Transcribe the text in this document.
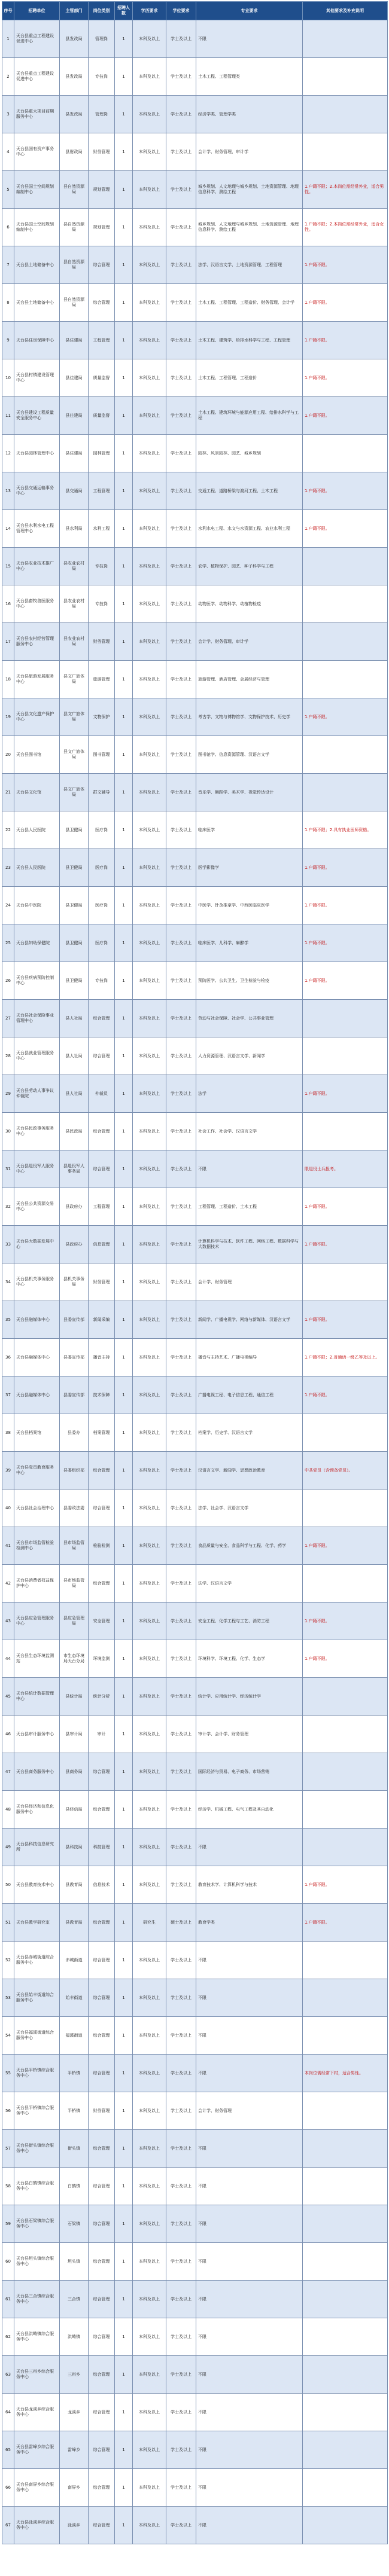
序号	招聘单位	主管部门	岗位类别	招聘人数	学历要求	学位要求	专业要求	其他要求及补充说明
1	天台县重点工程建设促进中心	县发改局	管理岗	1	本科及以上	学士及以上	不限	
2	天台县重点工程建设促进中心	县发改局	专技岗	1	本科及以上	学士及以上	土木工程、工程管理类	
3	天台县重大项目前期服务中心	县发改局	管理岗	1	本科及以上	学士及以上	经济学类、管理学类	
4	天台县国有资产事务中心	县财政局	财务管理	1	本科及以上	学士及以上	会计学、财务管理、审计学	
5	天台县国土空间规划编制中心	县自然资源局	规划管理	1	本科及以上	学士及以上	城乡规划、人文地理与城乡规划、土地资源管理、地理信息科学、测绘工程	1.户籍不限；2.本岗位需经常外业，适合男性。
6	天台县国土空间规划编制中心	县自然资源局	规划管理	1	本科及以上	学士及以上	城乡规划、人文地理与城乡规划、土地资源管理、地理信息科学、测绘工程	1.户籍不限；2.本岗位需经常外业，适合女性。
7	天台县土地储备中心	县自然资源局	综合管理	1	本科及以上	学士及以上	法学、汉语言文学、土地资源管理、工程管理	1.户籍不限。
8	天台县土地储备中心	县自然资源局	综合管理	1	本科及以上	学士及以上	土木工程、工程管理、工程造价、财务管理、会计学	1.户籍不限。
9	天台县住房保障中心	县住建局	工程管理	1	本科及以上	学士及以上	土木工程、建筑学、给排水科学与工程、工程管理	1.户籍不限。
10	天台县村镇建设管理中心	县住建局	质量监督	1	本科及以上	学士及以上	土木工程、工程管理、工程造价	1.户籍不限。
11	天台县建设工程质量安全服务中心	县住建局	质量监督	1	本科及以上	学士及以上	土木工程、建筑环境与能源应用工程、给排水科学与工程	1.户籍不限。
12	天台县园林管理中心	县住建局	园林管理	1	本科及以上	学士及以上	园林、风景园林、园艺、城乡规划	
13	天台县交通运输事务中心	县交通局	工程管理	1	本科及以上	学士及以上	交通工程、道路桥梁与渡河工程、土木工程	1.户籍不限。
14	天台县水利水电工程管理中心	县水利局	水利工程	1	本科及以上	学士及以上	水利水电工程、水文与水资源工程、农业水利工程	1.户籍不限。
15	天台县农业技术推广中心	县农业农村局	专技岗	1	本科及以上	学士及以上	农学、植物保护、园艺、种子科学与工程	
16	天台县畜牧兽医服务中心	县农业农村局	专技岗	1	本科及以上	学士及以上	动物医学、动物科学、动植物检疫	
17	天台县农村经营管理服务中心	县农业农村局	财务管理	1	本科及以上	学士及以上	会计学、财务管理、审计学	
18	天台县旅游发展服务中心	县文广旅体局	旅游管理	1	本科及以上	学士及以上	旅游管理、酒店管理、会展经济与管理	
19	天台县文化遗产保护中心	县文广旅体局	文物保护	1	本科及以上	学士及以上	考古学、文物与博物馆学、文物保护技术、历史学	1.户籍不限。
20	天台县图书馆	县文广旅体局	图书管理	1	本科及以上	学士及以上	图书馆学、信息资源管理、汉语言文学	
21	天台县文化馆	县文广旅体局	群文辅导	1	本科及以上	学士及以上	音乐学、舞蹈学、美术学、视觉传达设计	
22	天台县人民医院	县卫健局	医疗岗	1	本科及以上	学士及以上	临床医学	1.户籍不限；2.具有执业医师资格。
23	天台县人民医院	县卫健局	医疗岗	1	本科及以上	学士及以上	医学影像学	1.户籍不限。
24	天台县中医院	县卫健局	医疗岗	1	本科及以上	学士及以上	中医学、针灸推拿学、中西医临床医学	1.户籍不限。
25	天台县妇幼保健院	县卫健局	医疗岗	1	本科及以上	学士及以上	临床医学、儿科学、麻醉学	1.户籍不限。
26	天台县疾病预防控制中心	县卫健局	专技岗	1	本科及以上	学士及以上	预防医学、公共卫生、卫生检验与检疫	1.户籍不限。
27	天台县社会保险事业管理中心	县人社局	综合管理	1	本科及以上	学士及以上	劳动与社会保障、社会学、公共事业管理	
28	天台县就业管理服务中心	县人社局	综合管理	1	本科及以上	学士及以上	人力资源管理、汉语言文学、新闻学	
29	天台县劳动人事争议仲裁院	县人社局	仲裁员	1	本科及以上	学士及以上	法学	1.户籍不限。
30	天台县民政事务服务中心	县民政局	综合管理	1	本科及以上	学士及以上	社会工作、社会学、汉语言文学	
31	天台县退役军人服务中心	县退役军人事务局	综合管理	1	本科及以上	学士及以上	不限	限退役士兵报考。
32	天台县公共资源交易中心	县政府办	工程管理	1	本科及以上	学士及以上	工程管理、工程造价、土木工程	1.户籍不限。
33	天台县大数据发展中心	县政府办	信息管理	1	本科及以上	学士及以上	计算机科学与技术、软件工程、网络工程、数据科学与大数据技术	1.户籍不限。
34	天台县机关事务服务中心	县机关事务局	财务管理	1	本科及以上	学士及以上	会计学、财务管理	
35	天台县融媒体中心	县委宣传部	新闻采编	1	本科及以上	学士及以上	新闻学、广播电视学、网络与新媒体、汉语言文学	1.户籍不限。
36	天台县融媒体中心	县委宣传部	播音主持	1	本科及以上	学士及以上	播音与主持艺术、广播电视编导	1.户籍不限；2.普通话一级乙等及以上。
37	天台县融媒体中心	县委宣传部	技术保障	1	本科及以上	学士及以上	广播电视工程、电子信息工程、通信工程	1.户籍不限。
38	天台县档案馆	县委办	档案管理	1	本科及以上	学士及以上	档案学、历史学、汉语言文学	
39	天台县党员教育服务中心	县委组织部	综合管理	1	本科及以上	学士及以上	汉语言文学、新闻学、思想政治教育	中共党员（含预备党员）。
40	天台县社会治理中心	县委政法委	综合管理	1	本科及以上	学士及以上	法学、社会学、汉语言文学	
41	天台县市场监管检验检测中心	县市场监管局	检验检测	1	本科及以上	学士及以上	食品质量与安全、食品科学与工程、化学、药学	1.户籍不限。
42	天台县消费者权益保护中心	县市场监管局	综合管理	1	本科及以上	学士及以上	法学、汉语言文学	
43	天台县应急管理服务中心	县应急管理局	安全管理	1	本科及以上	学士及以上	安全工程、化学工程与工艺、消防工程	1.户籍不限。
44	天台县生态环境监测站	市生态环境局天台分局	环境监测	1	本科及以上	学士及以上	环境科学、环境工程、化学、生态学	1.户籍不限。
45	天台县统计数据管理中心	县统计局	统计分析	1	本科及以上	学士及以上	统计学、应用统计学、经济统计学	
46	天台县审计服务中心	县审计局	审计	1	本科及以上	学士及以上	审计学、会计学、财务管理	
47	天台县商务服务中心	县商务局	综合管理	1	本科及以上	学士及以上	国际经济与贸易、电子商务、市场营销	
48	天台县经济和信息化服务中心	县经信局	综合管理	1	本科及以上	学士及以上	经济学、机械工程、电气工程及其自动化	
49	天台县科技信息研究所	县科技局	科技管理	1	本科及以上	学士及以上	不限	
50	天台县教育技术中心	县教育局	信息技术	1	本科及以上	学士及以上	教育技术学、计算机科学与技术	1.户籍不限。
51	天台县教学研究室	县教育局	综合管理	1	研究生	硕士及以上	教育学类	1.户籍不限。
52	天台县赤城街道综合服务中心	赤城街道	综合管理	1	本科及以上	学士及以上	不限	
53	天台县始丰街道综合服务中心	始丰街道	综合管理	1	本科及以上	学士及以上	不限	
54	天台县福溪街道综合服务中心	福溪街道	综合管理	1	本科及以上	学士及以上	不限	
55	天台县平桥镇综合服务中心	平桥镇	综合管理	1	本科及以上	学士及以上	不限	本岗位需经常下村，适合男性。
56	天台县平桥镇综合服务中心	平桥镇	财务管理	1	本科及以上	学士及以上	会计学、财务管理	
57	天台县街头镇综合服务中心	街头镇	综合管理	1	本科及以上	学士及以上	不限	
58	天台县白鹤镇综合服务中心	白鹤镇	综合管理	1	本科及以上	学士及以上	不限	
59	天台县石梁镇综合服务中心	石梁镇	综合管理	1	本科及以上	学士及以上	不限	
60	天台县坦头镇综合服务中心	坦头镇	综合管理	1	本科及以上	学士及以上	不限	
61	天台县三合镇综合服务中心	三合镇	综合管理	1	本科及以上	学士及以上	不限	
62	天台县洪畴镇综合服务中心	洪畴镇	综合管理	1	本科及以上	学士及以上	不限	
63	天台县三州乡综合服务中心	三州乡	综合管理	1	本科及以上	学士及以上	不限	
64	天台县龙溪乡综合服务中心	龙溪乡	综合管理	1	本科及以上	学士及以上	不限	
65	天台县雷峰乡综合服务中心	雷峰乡	综合管理	1	本科及以上	学士及以上	不限	
66	天台县南屏乡综合服务中心	南屏乡	综合管理	1	本科及以上	学士及以上	不限	
67	天台县泳溪乡综合服务中心	泳溪乡	综合管理	1	本科及以上	学士及以上	不限	
